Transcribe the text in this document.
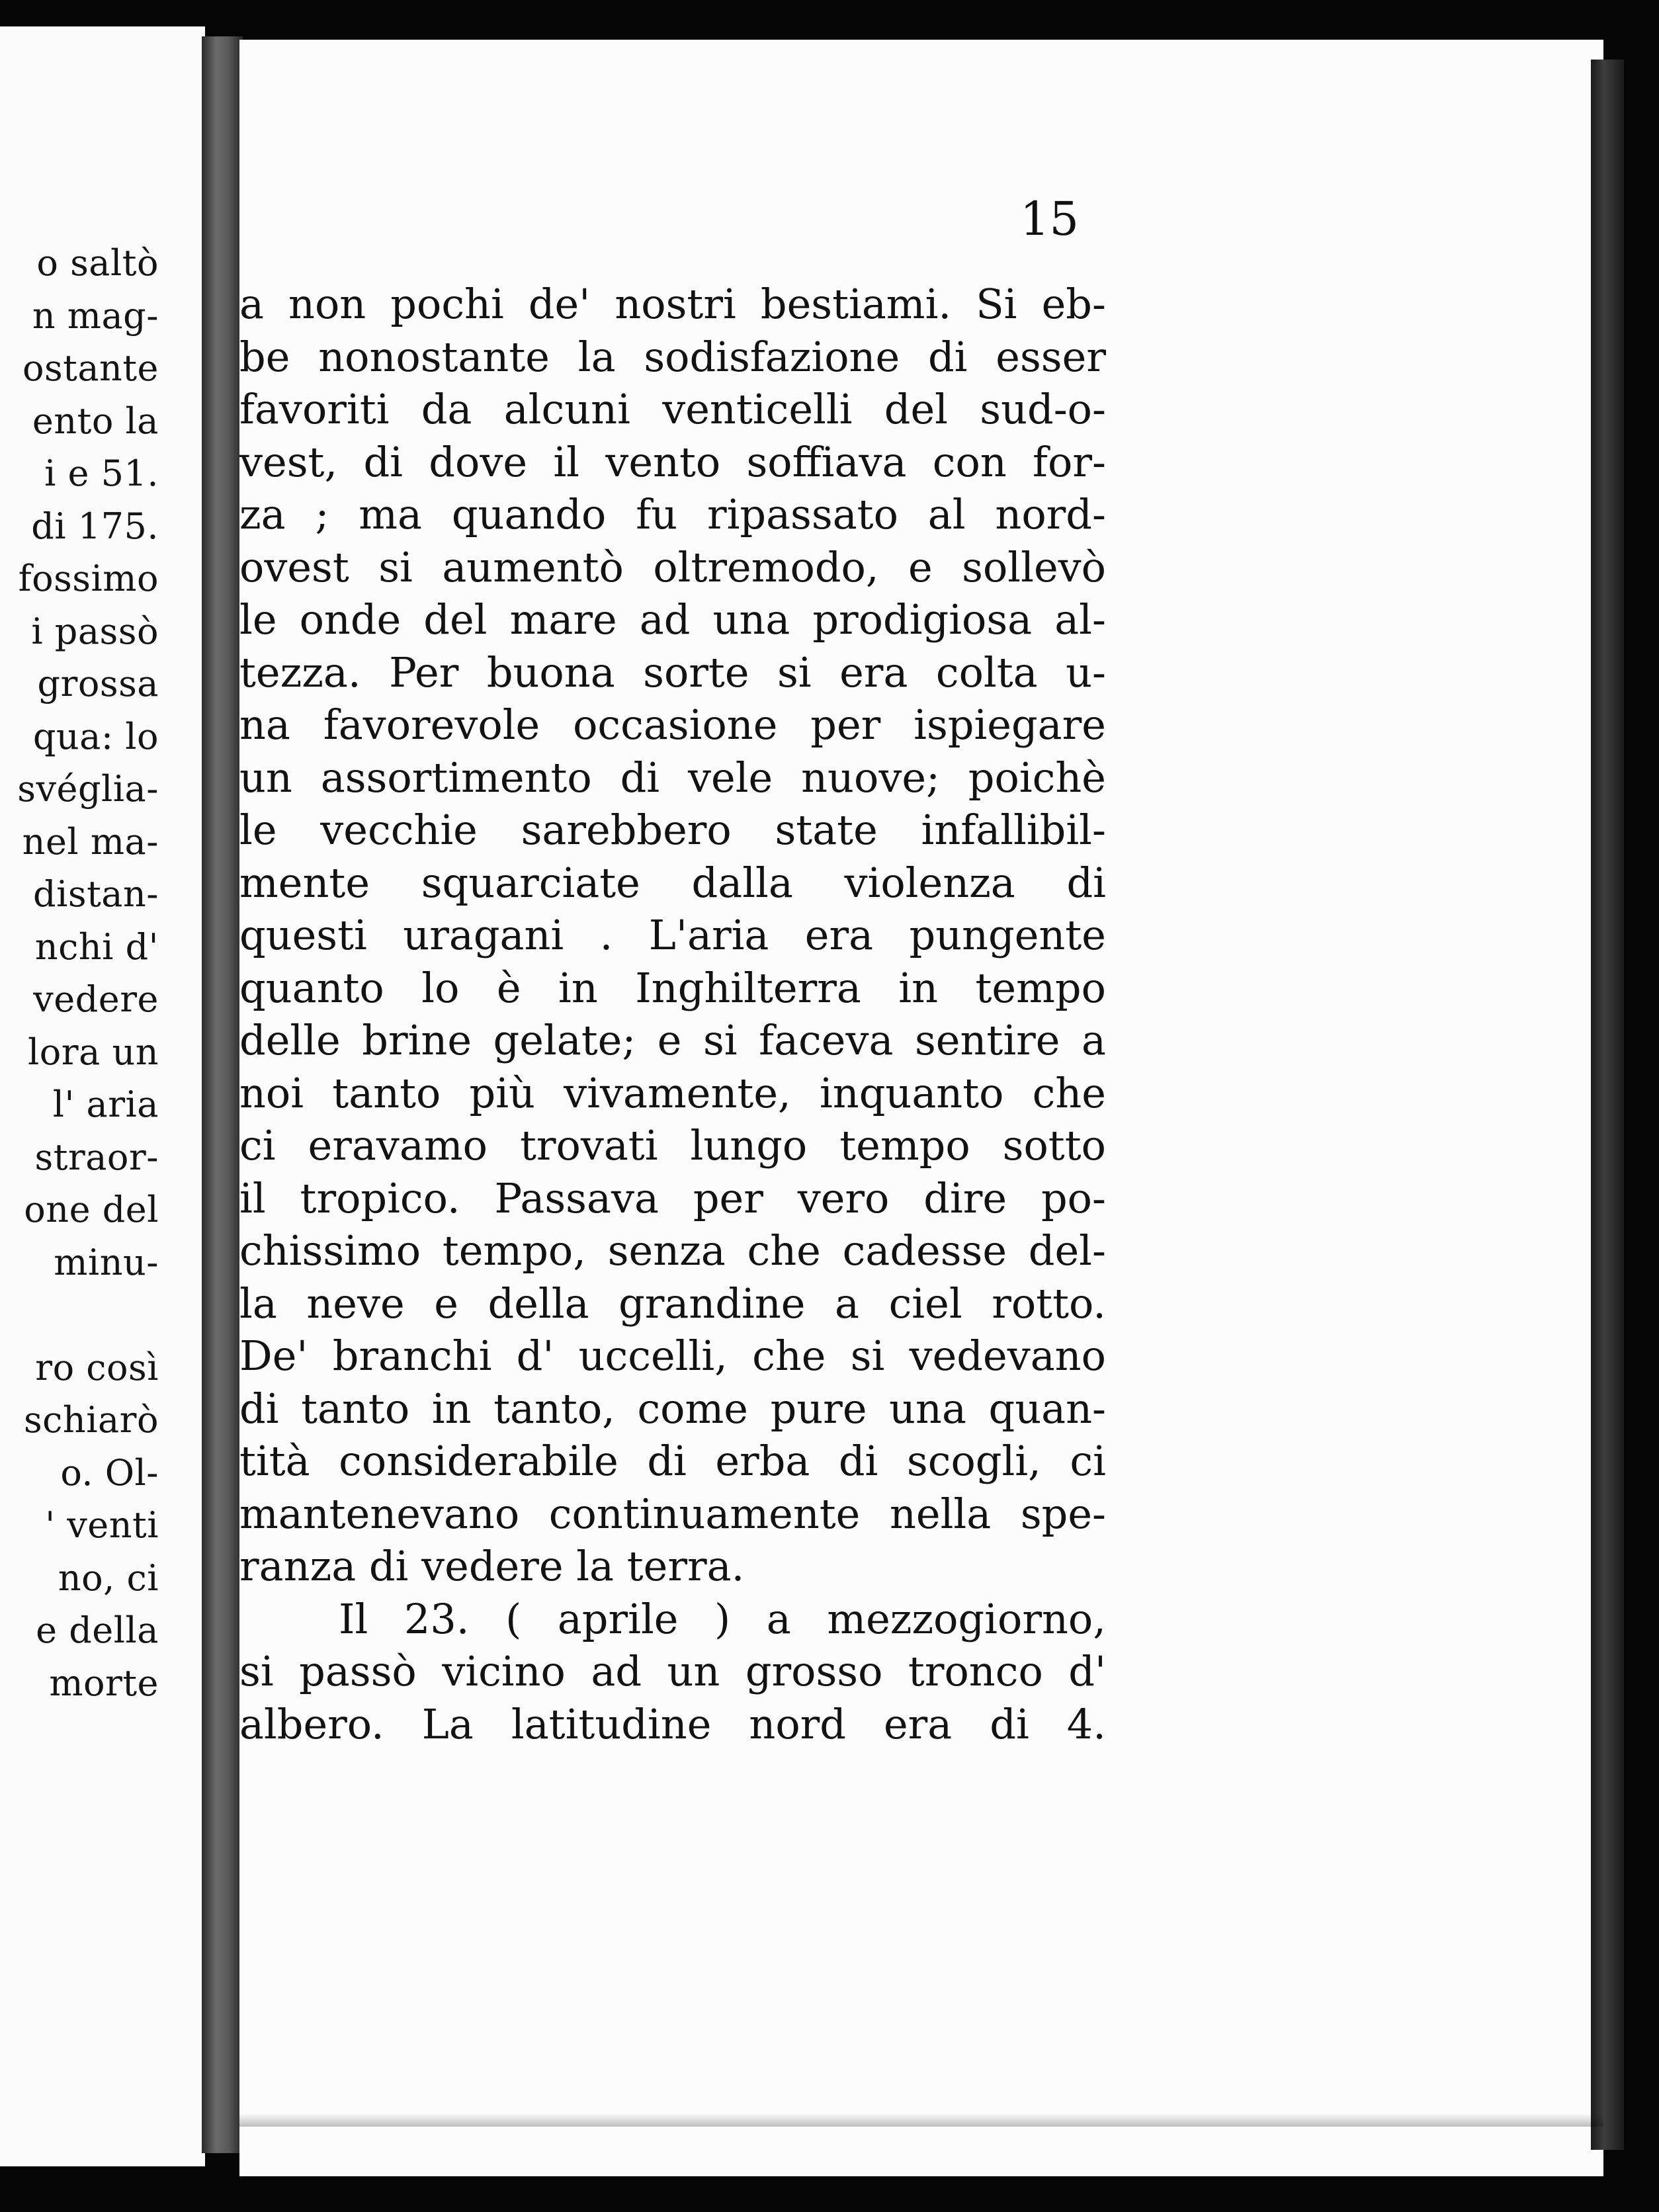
o saltò
n mag-
ostante
ento la
i e 51.
di 175.
fossimo
i passò
grossa
qua: lo
svéglia-
nel ma-
distan-
nchi d'
vedere
lora un
l' aria
straor-
one del
minu-

ro così
schiarò
o. Ol-
' venti
no, ci
e della
morte
15
a non pochi de' nostri bestiami. Si eb-
be nonostante la sodisfazione di esser
favoriti da alcuni venticelli del sud-o-
vest, di dove il vento soffiava con for-
za ; ma quando fu ripassato al nord-
ovest si aumentò oltremodo, e sollevò
le onde del mare ad una prodigiosa al-
tezza. Per buona sorte si era colta u-
na favorevole occasione per ispiegare
un assortimento di vele nuove; poichè
le vecchie sarebbero state infallibil-
mente squarciate dalla violenza di
questi uragani . L'aria era pungente
quanto lo è in Inghilterra in tempo
delle brine gelate; e si faceva sentire a
noi tanto più vivamente, inquanto che
ci eravamo trovati lungo tempo sotto
il tropico. Passava per vero dire po-
chissimo tempo, senza che cadesse del-
la neve e della grandine a ciel rotto.
De' branchi d' uccelli, che si vedevano
di tanto in tanto, come pure una quan-
tità considerabile di erba di scogli, ci
mantenevano continuamente nella spe-
ranza di vedere la terra.
Il 23. ( aprile ) a mezzogiorno,
si passò vicino ad un grosso tronco d'
albero. La latitudine nord era di 4.
